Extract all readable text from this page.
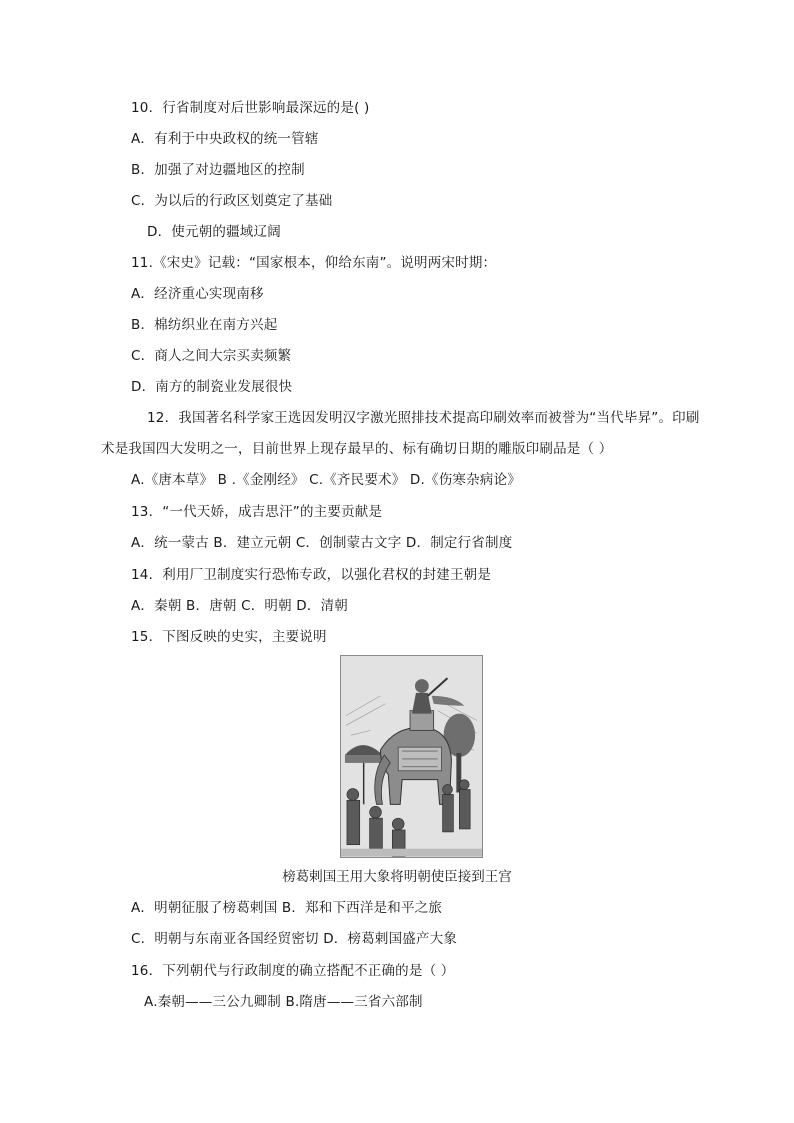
10．行省制度对后世影响最深远的是( )
A．有利于中央政权的统一管辖
B．加强了对边疆地区的控制
C．为以后的行政区划奠定了基础
D．使元朝的疆域辽阔
11.《宋史》记载：“国家根本，仰给东南”。说明两宋时期：
A．经济重心实现南移
B．棉纺织业在南方兴起
C．商人之间大宗买卖频繁
D．南方的制瓷业发展很快
12．我国著名科学家王选因发明汉字激光照排技术提高印刷效率而被誉为“当代毕昇”。印刷
术是我国四大发明之一，目前世界上现存最早的、标有确切日期的雕版印刷品是（ ）
A.《唐本草》 B .《金刚经》 C.《齐民要术》 D.《伤寒杂病论》
13．“一代天娇，成吉思汗”的主要贡献是
A．统一蒙古 B．建立元朝 C．创制蒙古文字 D．制定行省制度
14．利用厂卫制度实行恐怖专政，以强化君权的封建王朝是
A．秦朝 B．唐朝 C．明朝 D．清朝
15．下图反映的史实，主要说明
榜葛剌国王用大象将明朝使臣接到王宫
A．明朝征服了榜葛剌国 B．郑和下西洋是和平之旅
C．明朝与东南亚各国经贸密切 D．榜葛剌国盛产大象
16．下列朝代与行政制度的确立搭配不正确的是（ ）
A.秦朝——三公九卿制 B.隋唐——三省六部制
